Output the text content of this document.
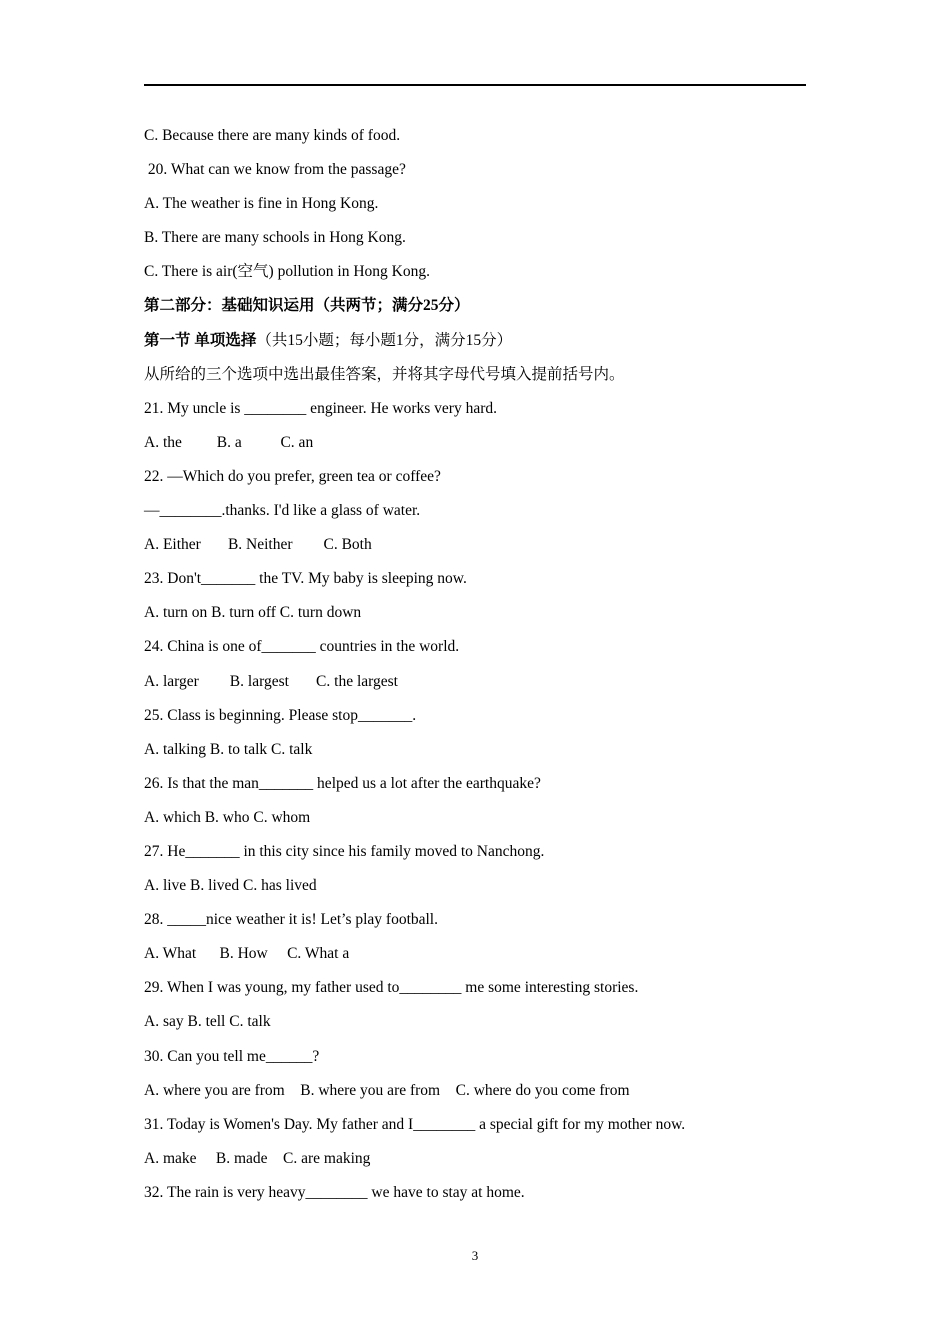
C. Because there are many kinds of food.
20. What can we know from the passage?
A. The weather is fine in Hong Kong.
B. There are many schools in Hong Kong.
C. There is air(空气) pollution in Hong Kong.
第二部分：基础知识运用（共两节；满分25分）
第一节 单项选择（共15小题；每小题1分，满分15分）
从所给的三个选项中选出最佳答案，并将其字母代号填入提前括号内。
21. My uncle is ________ engineer. He works very hard.
A. the         B. a          C. an
22. —Which do you prefer, green tea or coffee?
—________.thanks. I'd like a glass of water.
A. Either       B. Neither        C. Both
23. Don't_______ the TV. My baby is sleeping now.
A. turn on B. turn off C. turn down
24. China is one of_______ countries in the world.
A. larger        B. largest       C. the largest
25. Class is beginning. Please stop_______.
A. talking B. to talk C. talk
26. Is that the man_______ helped us a lot after the earthquake?
A. which B. who C. whom
27. He_______ in this city since his family moved to Nanchong.
A. live B. lived C. has lived
28. _____nice weather it is! Let’s play football.
A. What      B. How     C. What a
29. When I was young, my father used to________ me some interesting stories.
A. say B. tell C. talk
30. Can you tell me______?
A. where you are from    B. where you are from    C. where do you come from
31. Today is Women's Day. My father and I________ a special gift for my mother now.
A. make     B. made    C. are making
32. The rain is very heavy________ we have to stay at home.
3
